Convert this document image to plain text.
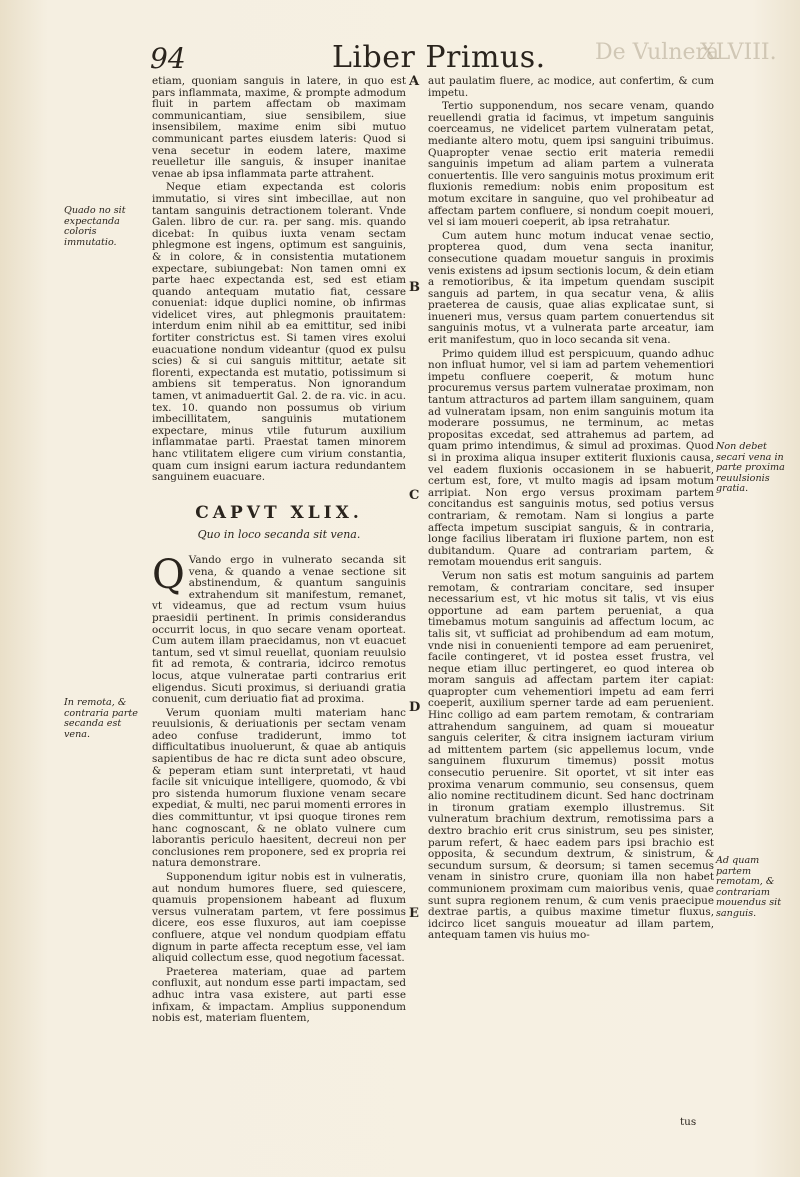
94	Liber Primus. De Vulnera
XLVIII.

etiam, quoniam sanguis in latere, in quo est pars inflammata, maxime, & prompte admodum fluit in partem affectam ob maximam communicantiam, siue sensibilem, siue insensibilem, maxime enim sibi mutuo communicant partes eiusdem lateris: Quod si vena secetur in eodem latere, maxime reuelletur ille sanguis, & insuper inanitae venae ab ipsa inflammata parte attrahent.

Neque etiam expectanda est coloris immutatio, si vires sint imbecillae, aut non tantam sanguinis detractionem tolerant. Vnde Galen. libro de cur. ra. per sang. mis. quando dicebat: In quibus iuxta venam sectam phlegmone est ingens, optimum est sanguinis, & in colore, & in consistentia mutationem expectare, subiungebat: Non tamen omni ex parte haec expectanda est, sed est etiam quando antequam mutatio fiat, cessare conueniat: idque duplici nomine, ob infirmas videlicet vires, aut phlegmonis prauitatem: interdum enim nihil ab ea emittitur, sed inibi fortiter constrictus est. Si tamen vires exolui euacuatione nondum videantur (quod ex pulsu scies) & si cui sanguis mittitur, aetate sit florenti, expectanda est mutatio, potissimum si ambiens sit temperatus. Non ignorandum tamen, vt animaduertit Gal. 2. de ra. vic. in acu. tex. 10. quando non possumus ob virium imbecillitatem, sanguinis mutationem expectare, minus vtile futurum auxilium inflammatae parti. Praestat tamen minorem hanc vtilitatem eligere cum virium constantia, quam cum insigni earum iactura redundantem sanguinem euacuare.

CAPVT XLIX.
Quo in loco secanda sit vena.

Q Vando ergo in vulnerato secanda sit vena, & quando a venae sectione sit abstinendum, & quantum sanguinis extrahendum sit manifestum, remanet, vt videamus, que ad rectum vsum huius praesidii pertinent. In primis considerandus occurrit locus, in quo secare venam oporteat. Cum autem illam praecidamus, non vt euacuet tantum, sed vt simul reuellat, quoniam reuulsio fit ad remota, & contraria, idcirco remotus locus, atque vulneratae parti contrarius erit eligendus. Sicuti proximus, si deriuandi gratia conuenit, cum deriuatio fiat ad proxima.

Verum quoniam multi materiam hanc reuulsionis, & deriuationis per sectam venam adeo confuse tradiderunt, immo tot difficultatibus inuoluerunt, & quae ab antiquis sapientibus de hac re dicta sunt adeo obscure, & peperam etiam sunt interpretati, vt haud facile sit vnicuique intelligere, quomodo, & vbi pro sistenda humorum fluxione venam secare expediat, & multi, nec parui momenti errores in dies committuntur, vt ipsi quoque tirones rem hanc cognoscant, & ne oblato vulnere cum laborantis periculo haesitent, decreui non per conclusiones rem proponere, sed ex propria rei natura demonstrare.

Supponendum igitur nobis est in vulneratis, aut nondum humores fluere, sed quiescere, quamuis propensionem habeant ad fluxum versus vulneratam partem, vt fere possimus dicere, eos esse fluxuros, aut iam coepisse confluere, atque vel nondum quodpiam effatu dignum in parte affecta receptum esse, vel iam aliquid collectum esse, quod negotium facessat.

Praeterea materiam, quae ad partem confluxit, aut nondum esse parti impactam, sed adhuc intra vasa existere, aut parti esse infixam, & impactam. Amplius supponendum nobis est, materiam fluentem,

aut paulatim fluere, ac modice, aut confertim, & cum impetu.

Tertio supponendum, nos secare venam, quando reuellendi gratia id facimus, vt impetum sanguinis coerceamus, ne videlicet partem vulneratam petat, mediante altero motu, quem ipsi sanguini tribuimus. Quapropter venae sectio erit materia remedii sanguinis impetum ad aliam partem a vulnerata conuertentis. Ille vero sanguinis motus proximum erit fluxionis remedium: nobis enim propositum est motum excitare in sanguine, quo vel prohibeatur ad affectam partem confluere, si nondum coepit moueri, vel si iam moueri coeperit, ab ipsa retrahatur.

Cum autem hunc motum inducat venae sectio, propterea quod, dum vena secta inanitur, consecutione quadam mouetur sanguis in proximis venis existens ad ipsum sectionis locum, & dein etiam a remotioribus, & ita impetum quendam suscipit sanguis ad partem, in qua secatur vena, & aliis praeterea de causis, quae alias explicatae sunt, si inueneri mus, versus quam partem conuertendus sit sanguinis motus, vt a vulnerata parte arceatur, iam erit manifestum, quo in loco secanda sit vena.

Primo quidem illud est perspicuum, quando adhuc non influat humor, vel si iam ad partem vehementiori impetu confluere coeperit, & motum hunc procuremus versus partem vulneratae proximam, non tantum attracturos ad partem illam sanguinem, quam ad vulneratam ipsam, non enim sanguinis motum ita moderare possumus, ne terminum, ac metas propositas excedat, sed attrahemus ad partem, ad quam primo intendimus, & simul ad proximas. Quod si in proxima aliqua insuper extiterit fluxionis causa, vel eadem fluxionis occasionem in se habuerit, certum est, fore, vt multo magis ad ipsam motum arripiat. Non ergo versus proximam partem concitandus est sanguinis motus, sed potius versus contrariam, & remotam. Nam si longius a parte affecta impetum suscipiat sanguis, & in contraria, longe facilius liberatam iri fluxione partem, non est dubitandum. Quare ad contrariam partem, & remotam mouendus erit sanguis.

Verum non satis est motum sanguinis ad partem remotam, & contrariam concitare, sed insuper necessarium est, vt hic motus sit talis, vt vis eius opportune ad eam partem perueniat, a qua timebamus motum sanguinis ad affectum locum, ac talis sit, vt sufficiat ad prohibendum ad eam motum, vnde nisi in conuenienti tempore ad eam perueniret, facile contingeret, vt id postea esset frustra, vel neque etiam illuc pertingeret, eo quod interea ob moram sanguis ad affectam partem iter capiat: quapropter cum vehementiori impetu ad eam ferri coeperit, auxilium sperner tarde ad eam peruenient. Hinc colligo ad eam partem remotam, & contrariam attrahendum sanguinem, ad quam si moueatur sanguis celeriter, & citra insignem iacturam virium ad mittentem partem (sic appellemus locum, vnde sanguinem fluxurum timemus) possit motus consecutio peruenire. Sit oportet, vt sit inter eas proxima venarum communio, seu consensus, quem alio nomine rectitudinem dicunt. Sed hanc doctrinam in tironum gratiam exemplo illustremus. Sit vulneratum brachium dextrum, remotissima pars a dextro brachio erit crus sinistrum, seu pes sinister, parum refert, & haec eadem pars ipsi brachio est opposita, & secundum dextrum, & sinistrum, & secundum sursum, & deorsum; si tamen secemus venam in sinistro crure, quoniam illa non habet communionem proximam cum maioribus venis, quae sunt supra regionem renum, & cum venis praecipue dextrae partis, a quibus maxime timetur fluxus, idcirco licet sanguis moueatur ad illam partem, antequam tamen vis huius mo-

Quado no sit expectanda coloris immutatio.
In remota, & contraria parte secanda est vena.
Non debet secari vena in parte proxima reuulsionis gratia.
Ad quam partem remotam, & contrariam mouendus sit sanguis.
A
B
C
D
E
tus
